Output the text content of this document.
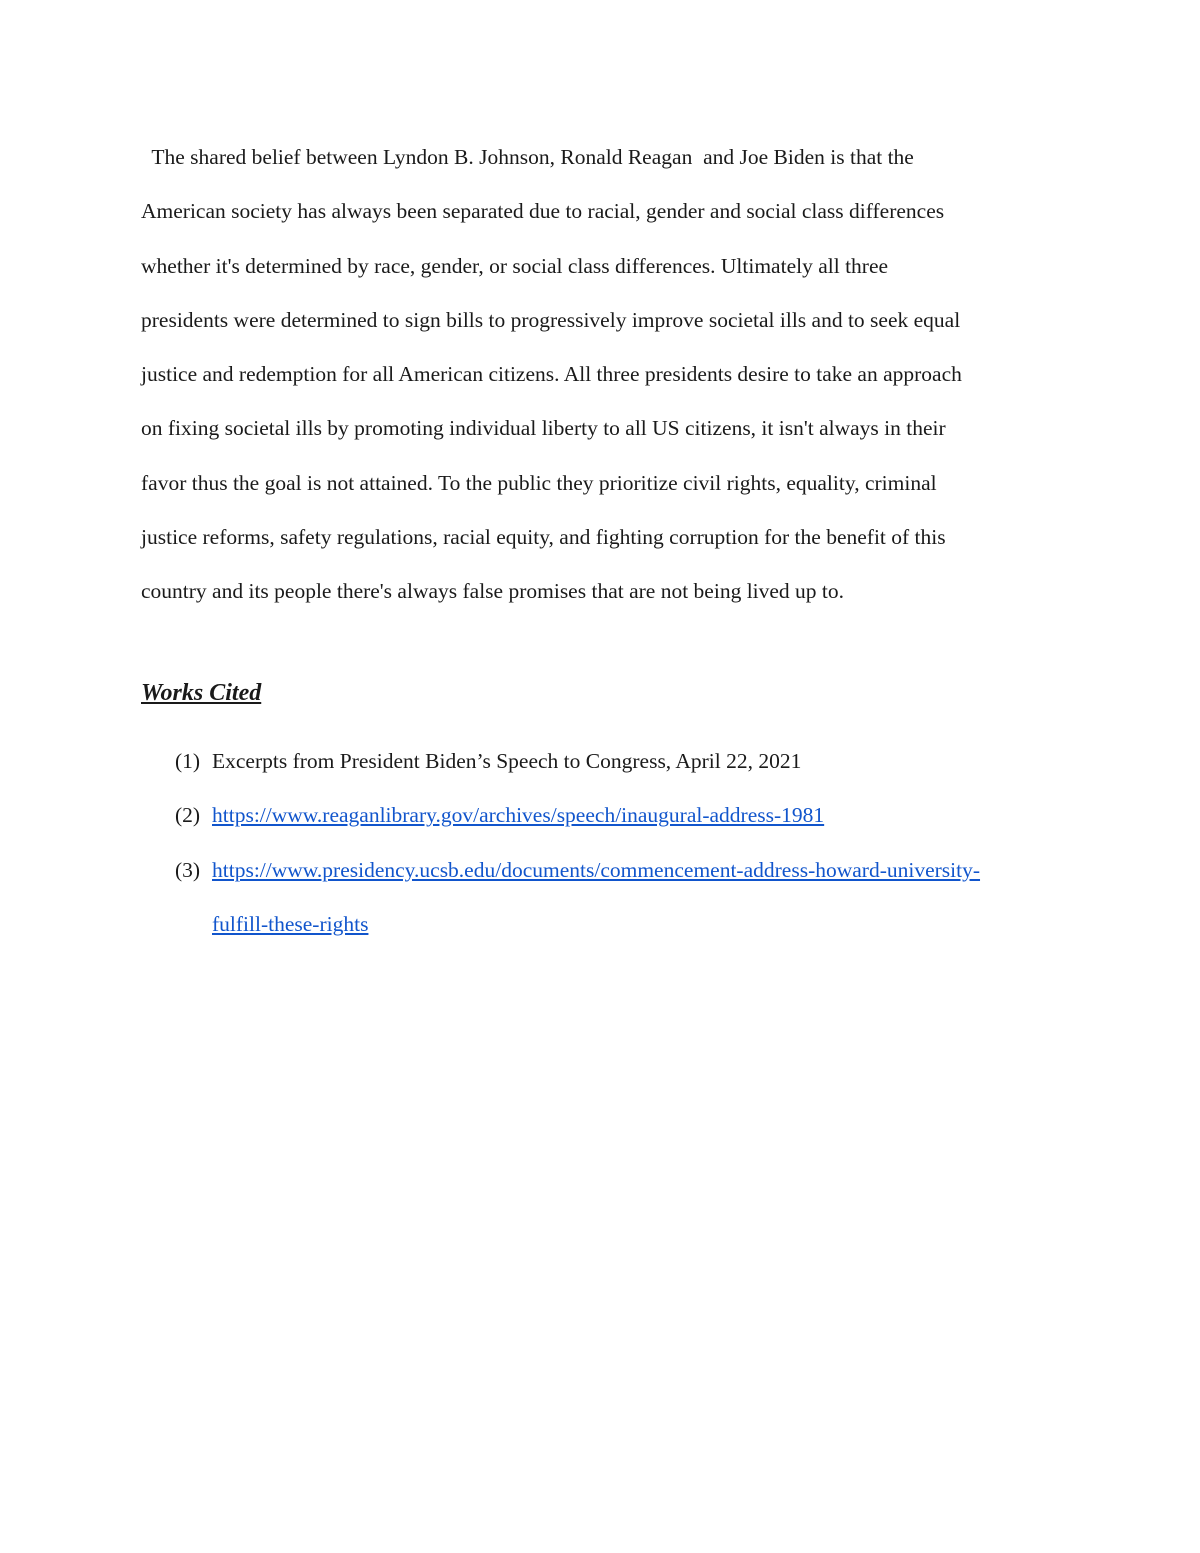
The shared belief between Lyndon B. Johnson, Ronald Reagan  and Joe Biden is that the
American society has always been separated due to racial, gender and social class differences
whether it's determined by race, gender, or social class differences. Ultimately all three
presidents were determined to sign bills to progressively improve societal ills and to seek equal
justice and redemption for all American citizens. All three presidents desire to take an approach
on fixing societal ills by promoting individual liberty to all US citizens, it isn't always in their
favor thus the goal is not attained. To the public they prioritize civil rights, equality, criminal
justice reforms, safety regulations, racial equity, and fighting corruption for the benefit of this
country and its people there's always false promises that are not being lived up to.

Works Cited
(1) Excerpts from President Biden’s Speech to Congress, April 22, 2021
(2) https://www.reaganlibrary.gov/archives/speech/inaugural-address-1981
(3) https://www.presidency.ucsb.edu/documents/commencement-address-howard-university-
fulfill-these-rights
